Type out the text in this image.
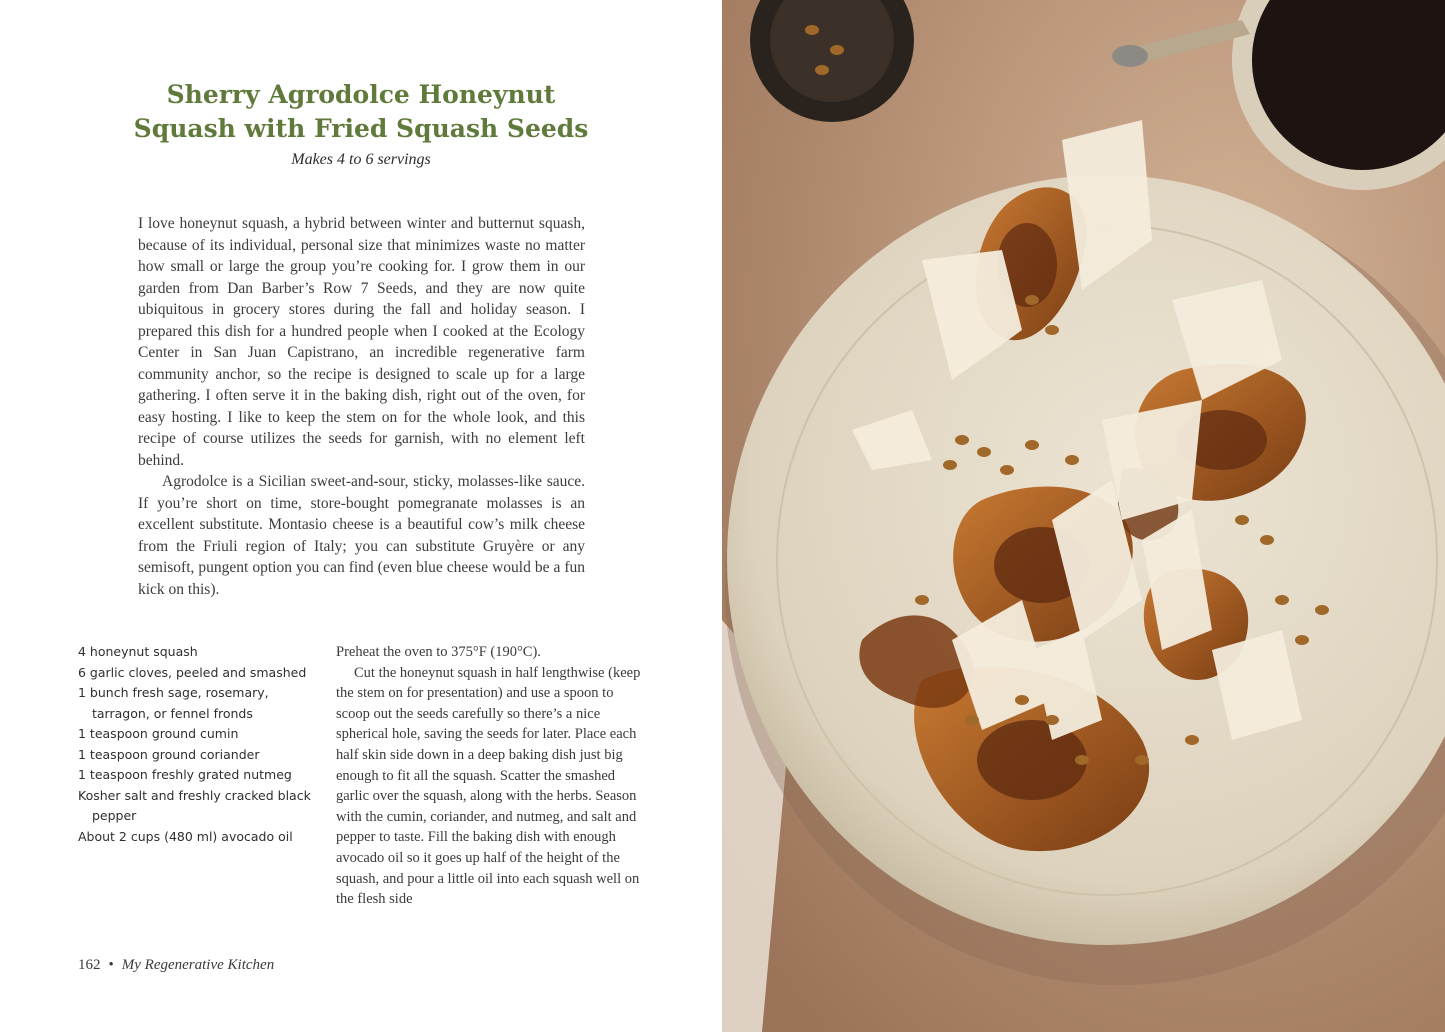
Sherry Agrodolce Honeynut
Squash with Fried Squash Seeds

Makes 4 to 6 servings

I love honeynut squash, a hybrid between winter and butternut squash, because of its individual, personal size that minimizes waste no matter how small or large the group you’re cooking for. I grow them in our garden from Dan Barber’s Row 7 Seeds, and they are now quite ubiquitous in grocery stores during the fall and holiday season. I prepared this dish for a hundred people when I cooked at the Ecology Center in San Juan Capistrano, an incredible regenerative farm community anchor, so the recipe is designed to scale up for a large gathering. I often serve it in the baking dish, right out of the oven, for easy hosting. I like to keep the stem on for the whole look, and this recipe of course utilizes the seeds for garnish, with no element left behind.

Agrodolce is a Sicilian sweet-and-sour, sticky, molasses-like sauce. If you’re short on time, store-bought pomegranate molasses is an excellent substitute. Montasio cheese is a beautiful cow’s milk cheese from the Friuli region of Italy; you can substitute Gruyère or any semisoft, pungent option you can find (even blue cheese would be a fun kick on this).

4 honeynut squash
6 garlic cloves, peeled and smashed
1 bunch fresh sage, rosemary, tarragon, or fennel fronds
1 teaspoon ground cumin
1 teaspoon ground coriander
1 teaspoon freshly grated nutmeg
Kosher salt and freshly cracked black pepper
About 2 cups (480 ml) avocado oil

Preheat the oven to 375°F (190°C).

Cut the honeynut squash in half lengthwise (keep the stem on for presentation) and use a spoon to scoop out the seeds carefully so there’s a nice spherical hole, saving the seeds for later. Place each half skin side down in a deep baking dish just big enough to fit all the squash. Scatter the smashed garlic over the squash, along with the herbs. Season with the cumin, coriander, and nutmeg, and salt and pepper to taste. Fill the baking dish with enough avocado oil so it goes up half of the height of the squash, and pour a little oil into each squash well on the flesh side

162 • My Regenerative Kitchen
